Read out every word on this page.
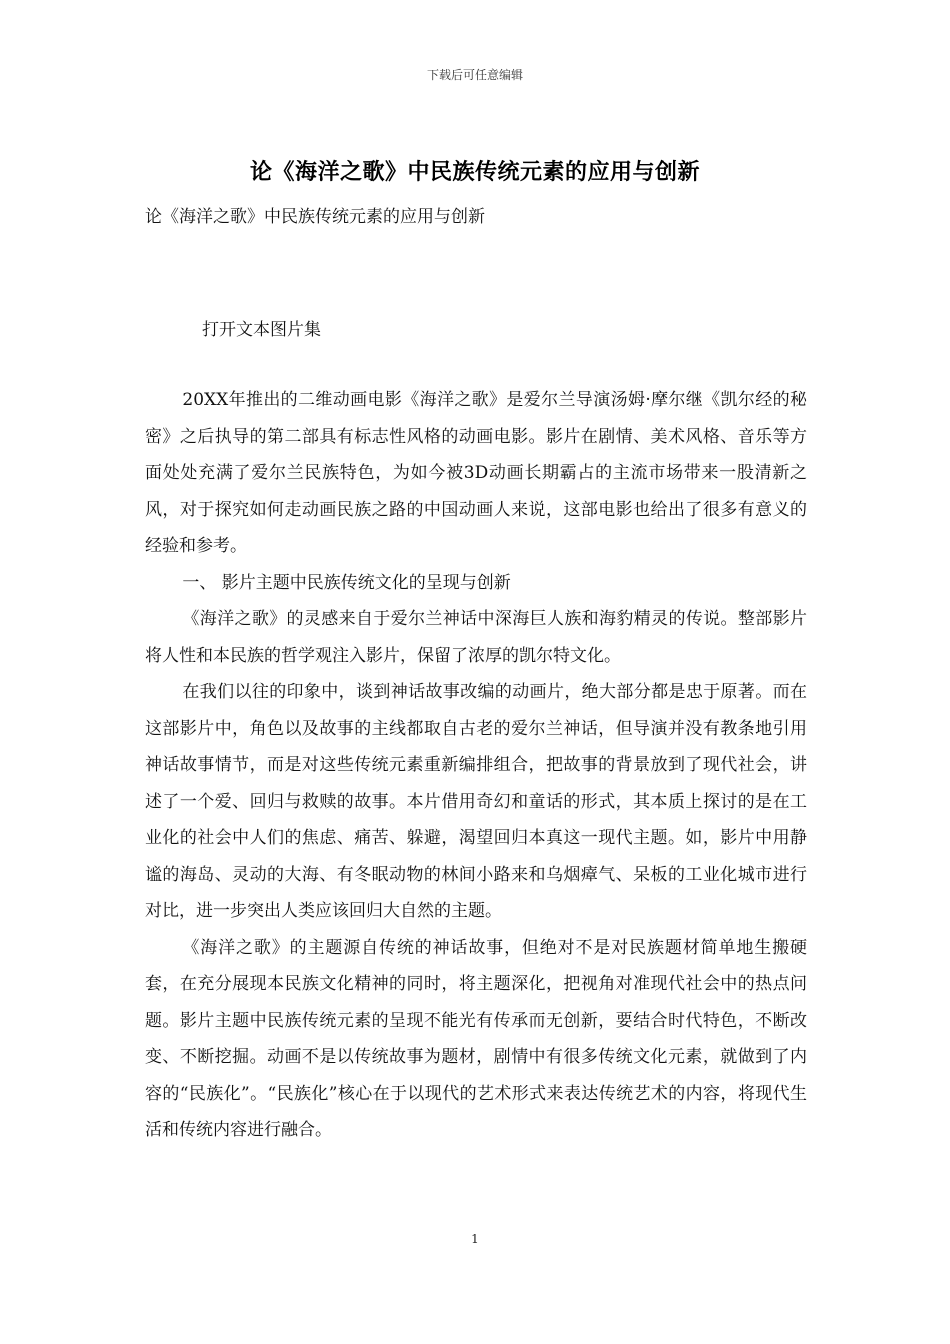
下载后可任意编辑
论《海洋之歌》中民族传统元素的应用与创新
论《海洋之歌》中民族传统元素的应用与创新
打开文本图片集

20XX年推出的二维动画电影《海洋之歌》是爱尔兰导演汤姆·摩尔继《凯尔经的秘密》之后执导的第二部具有标志性风格的动画电影。影片在剧情、美术风格、音乐等方面处处充满了爱尔兰民族特色，为如今被3D动画长期霸占的主流市场带来一股清新之风，对于探究如何走动画民族之路的中国动画人来说，这部电影也给出了很多有意义的经验和参考。

一、 影片主题中民族传统文化的呈现与创新

《海洋之歌》的灵感来自于爱尔兰神话中深海巨人族和海豹精灵的传说。整部影片将人性和本民族的哲学观注入影片，保留了浓厚的凯尔特文化。

在我们以往的印象中，谈到神话故事改编的动画片，绝大部分都是忠于原著。而在这部影片中，角色以及故事的主线都取自古老的爱尔兰神话，但导演并没有教条地引用神话故事情节，而是对这些传统元素重新编排组合，把故事的背景放到了现代社会，讲述了一个爱、回归与救赎的故事。本片借用奇幻和童话的形式，其本质上探讨的是在工业化的社会中人们的焦虑、痛苦、躲避，渴望回归本真这一现代主题。如，影片中用静谧的海岛、灵动的大海、有冬眠动物的林间小路来和乌烟瘴气、呆板的工业化城市进行对比，进一步突出人类应该回归大自然的主题。

《海洋之歌》的主题源自传统的神话故事，但绝对不是对民族题材简单地生搬硬套，在充分展现本民族文化精神的同时，将主题深化，把视角对准现代社会中的热点问题。影片主题中民族传统元素的呈现不能光有传承而无创新，要结合时代特色，不断改变、不断挖掘。动画不是以传统故事为题材，剧情中有很多传统文化元素，就做到了内容的“民族化”。“民族化”核心在于以现代的艺术形式来表达传统艺术的内容，将现代生活和传统内容进行融合。

1
